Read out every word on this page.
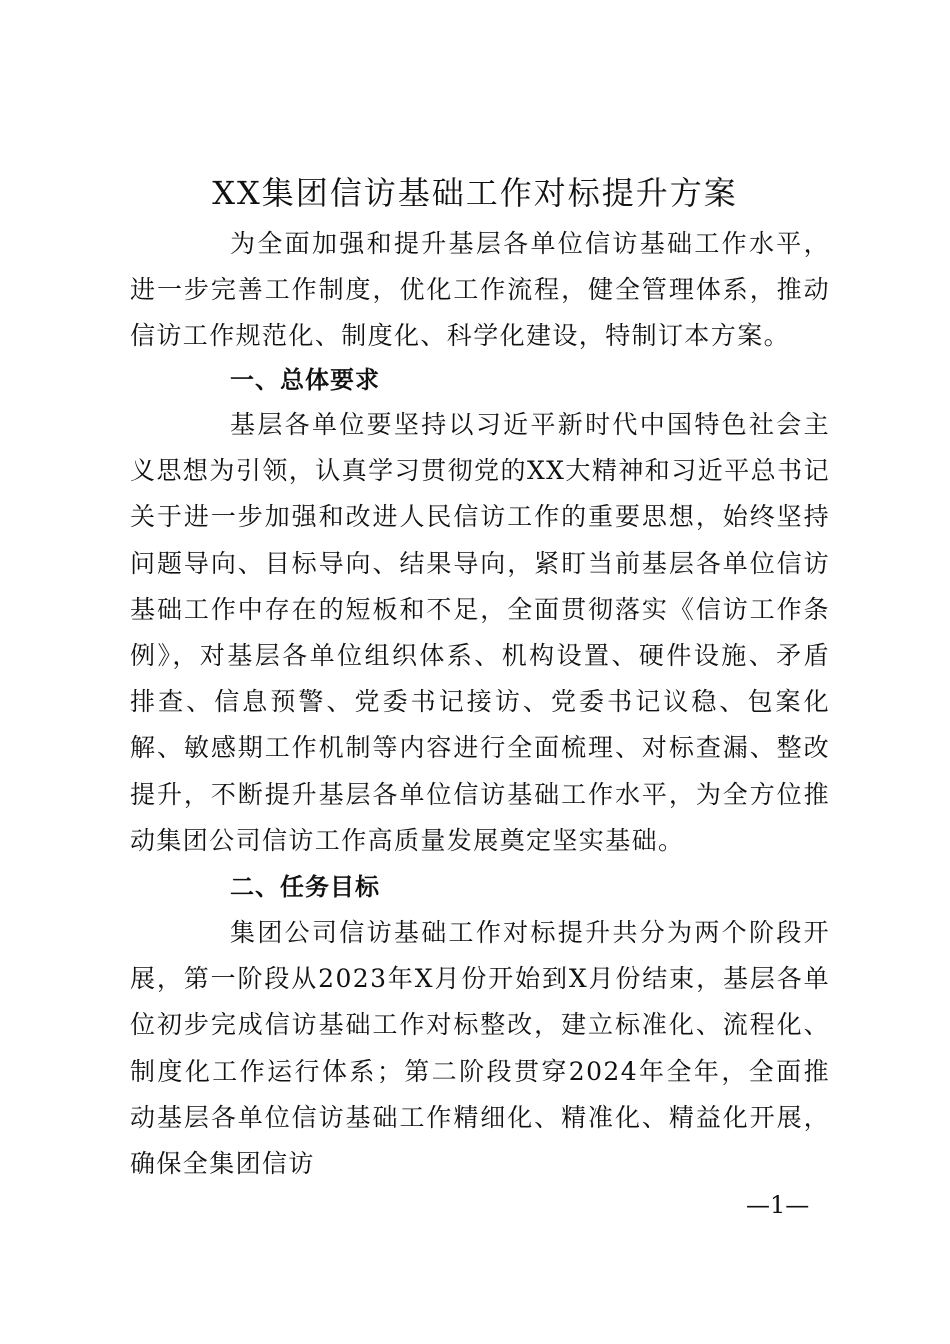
XX集团信访基础工作对标提升方案

为全面加强和提升基层各单位信访基础工作水平，进一步完善工作制度，优化工作流程，健全管理体系，推动信访工作规范化、制度化、科学化建设，特制订本方案。

一、总体要求

基层各单位要坚持以习近平新时代中国特色社会主义思想为引领，认真学习贯彻党的XX大精神和习近平总书记关于进一步加强和改进人民信访工作的重要思想，始终坚持问题导向、目标导向、结果导向，紧盯当前基层各单位信访基础工作中存在的短板和不足，全面贯彻落实《信访工作条例》，对基层各单位组织体系、机构设置、硬件设施、矛盾排查、信息预警、党委书记接访、党委书记议稳、包案化解、敏感期工作机制等内容进行全面梳理、对标查漏、整改提升，不断提升基层各单位信访基础工作水平，为全方位推动集团公司信访工作高质量发展奠定坚实基础。

二、任务目标

集团公司信访基础工作对标提升共分为两个阶段开展，第一阶段从2023年X月份开始到X月份结束，基层各单位初步完成信访基础工作对标整改，建立标准化、流程化、制度化工作运行体系；第二阶段贯穿2024年全年，全面推动基层各单位信访基础工作精细化、精准化、精益化开展，确保全集团信访

—1—
